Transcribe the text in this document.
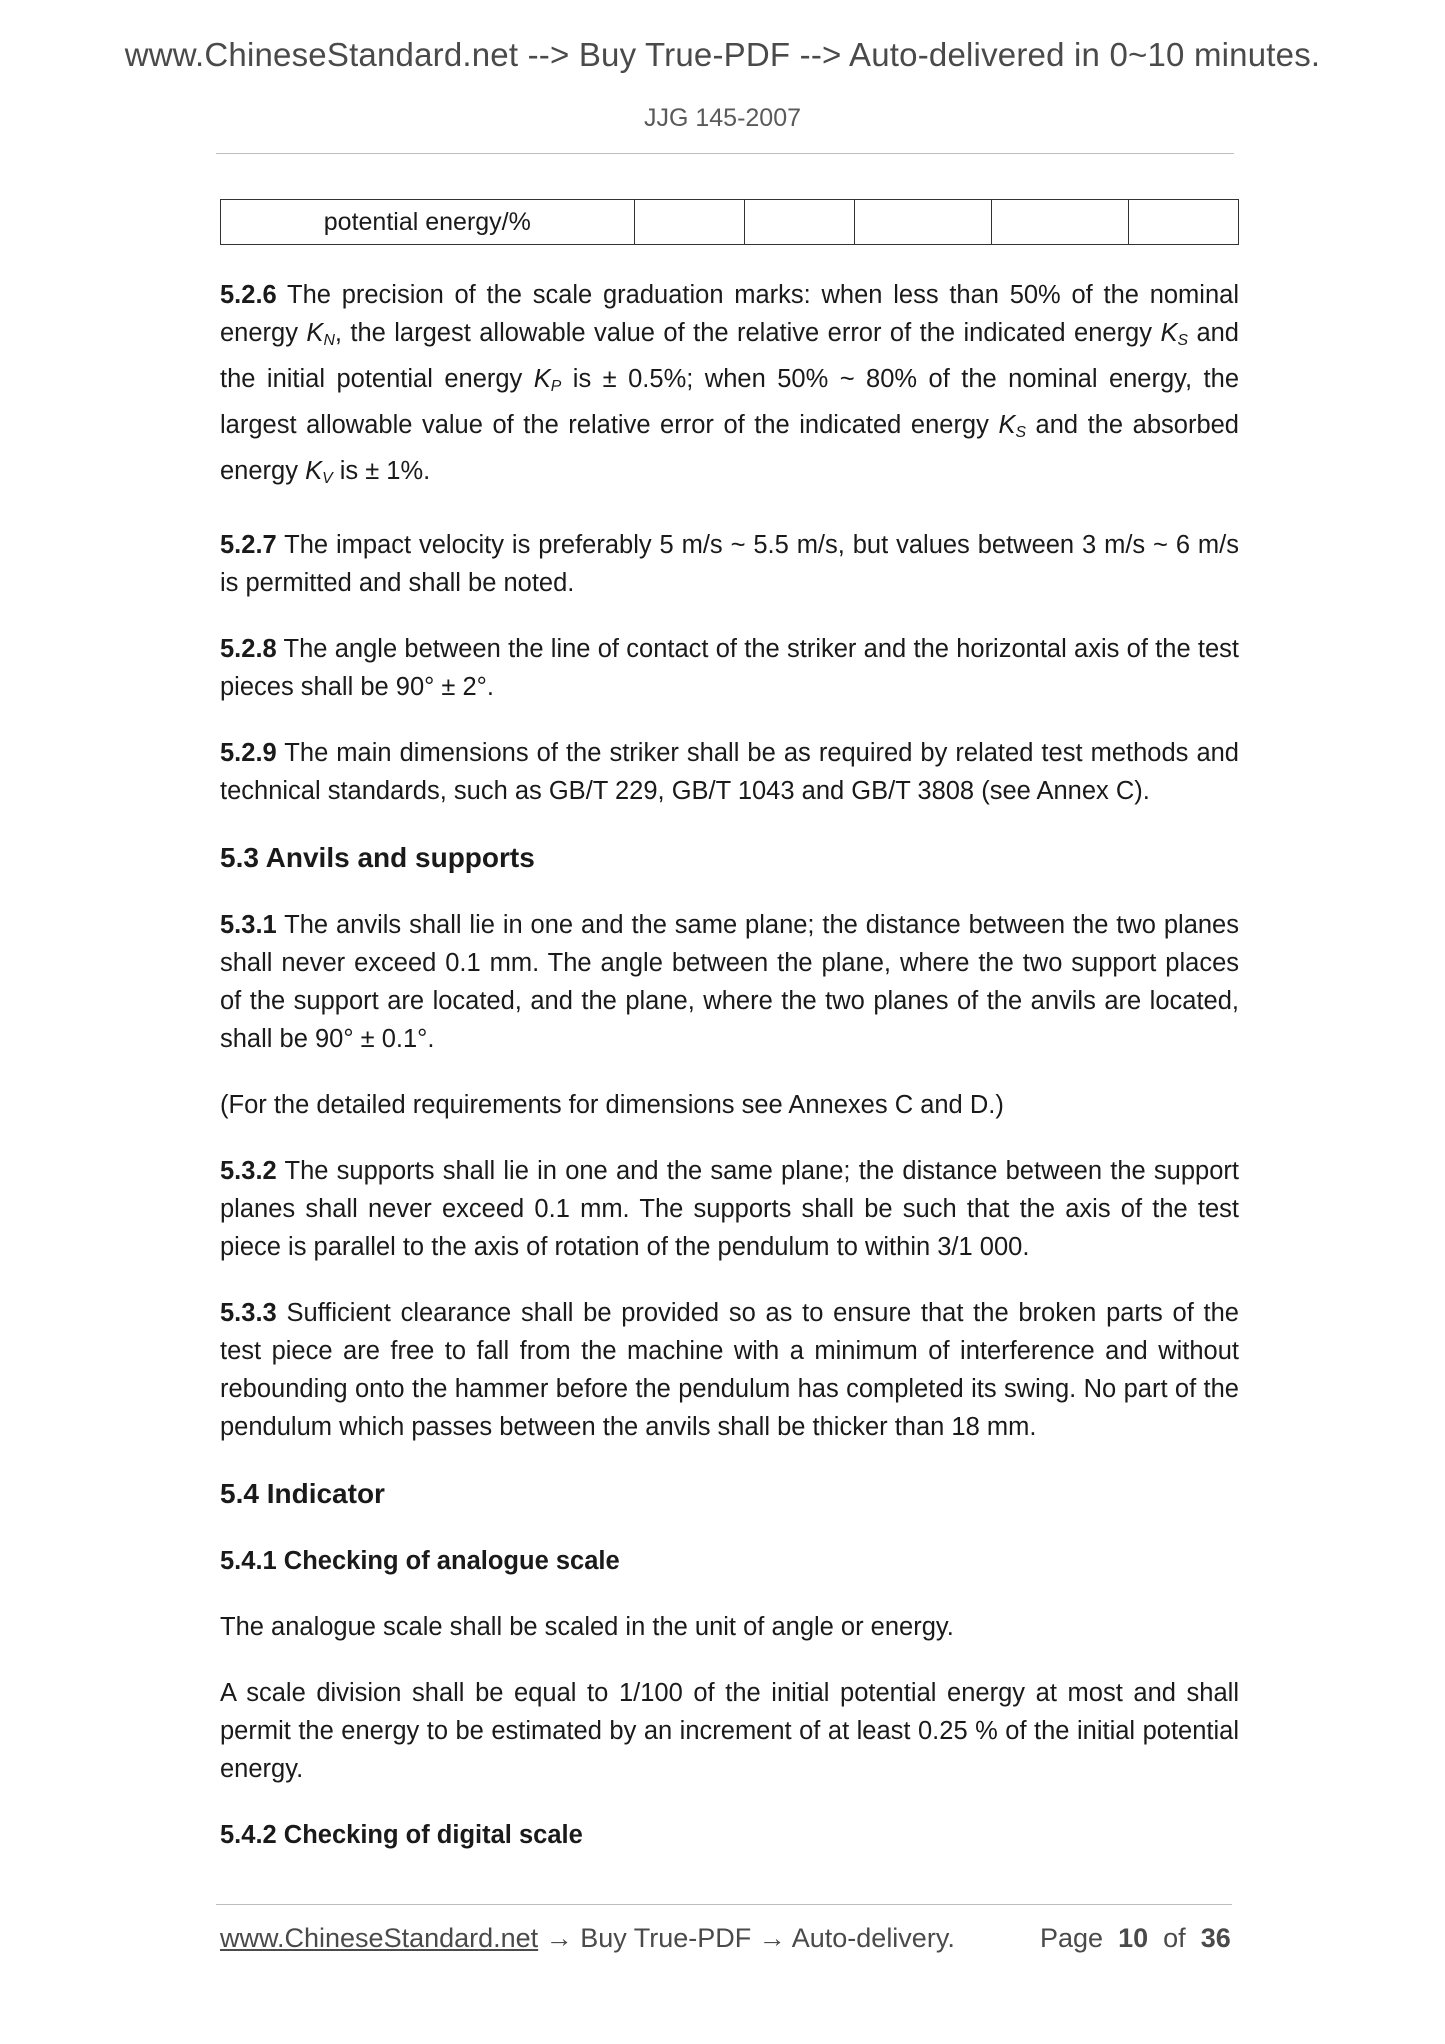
www.ChineseStandard.net --> Buy True-PDF --> Auto-delivered in 0~10 minutes.
JJG 145-2007
potential energy/%					

5.2.6 The precision of the scale graduation marks: when less than 50% of the nominal energy $K_N$, the largest allowable value of the relative error of the indicated energy $K_S$ and the initial potential energy $K_P$ is ± 0.5%; when 50% ~ 80% of the nominal energy, the largest allowable value of the relative error of the indicated energy $K_S$ and the absorbed energy $K_V$ is ± 1%.

5.2.7 The impact velocity is preferably 5 m/s ~ 5.5 m/s, but values between 3 m/s ~ 6 m/s is permitted and shall be noted.

5.2.8 The angle between the line of contact of the striker and the horizontal axis of the test pieces shall be 90° ± 2°.

5.2.9 The main dimensions of the striker shall be as required by related test methods and technical standards, such as GB/T 229, GB/T 1043 and GB/T 3808 (see Annex C).

5.3 Anvils and supports

5.3.1 The anvils shall lie in one and the same plane; the distance between the two planes shall never exceed 0.1 mm. The angle between the plane, where the two support places of the support are located, and the plane, where the two planes of the anvils are located, shall be 90° ± 0.1°.

(For the detailed requirements for dimensions see Annexes C and D.)

5.3.2 The supports shall lie in one and the same plane; the distance between the support planes shall never exceed 0.1 mm. The supports shall be such that the axis of the test piece is parallel to the axis of rotation of the pendulum to within 3/1 000.

5.3.3 Sufficient clearance shall be provided so as to ensure that the broken parts of the test piece are free to fall from the machine with a minimum of interference and without rebounding onto the hammer before the pendulum has completed its swing. No part of the pendulum which passes between the anvils shall be thicker than 18 mm.

5.4 Indicator
5.4.1 Checking of analogue scale

The analogue scale shall be scaled in the unit of angle or energy.

A scale division shall be equal to 1/100 of the initial potential energy at most and shall permit the energy to be estimated by an increment of at least 0.25 % of the initial potential energy.

5.4.2 Checking of digital scale
www.ChineseStandard.net → Buy True-PDF → Auto-delivery.	Page 10 of 36
